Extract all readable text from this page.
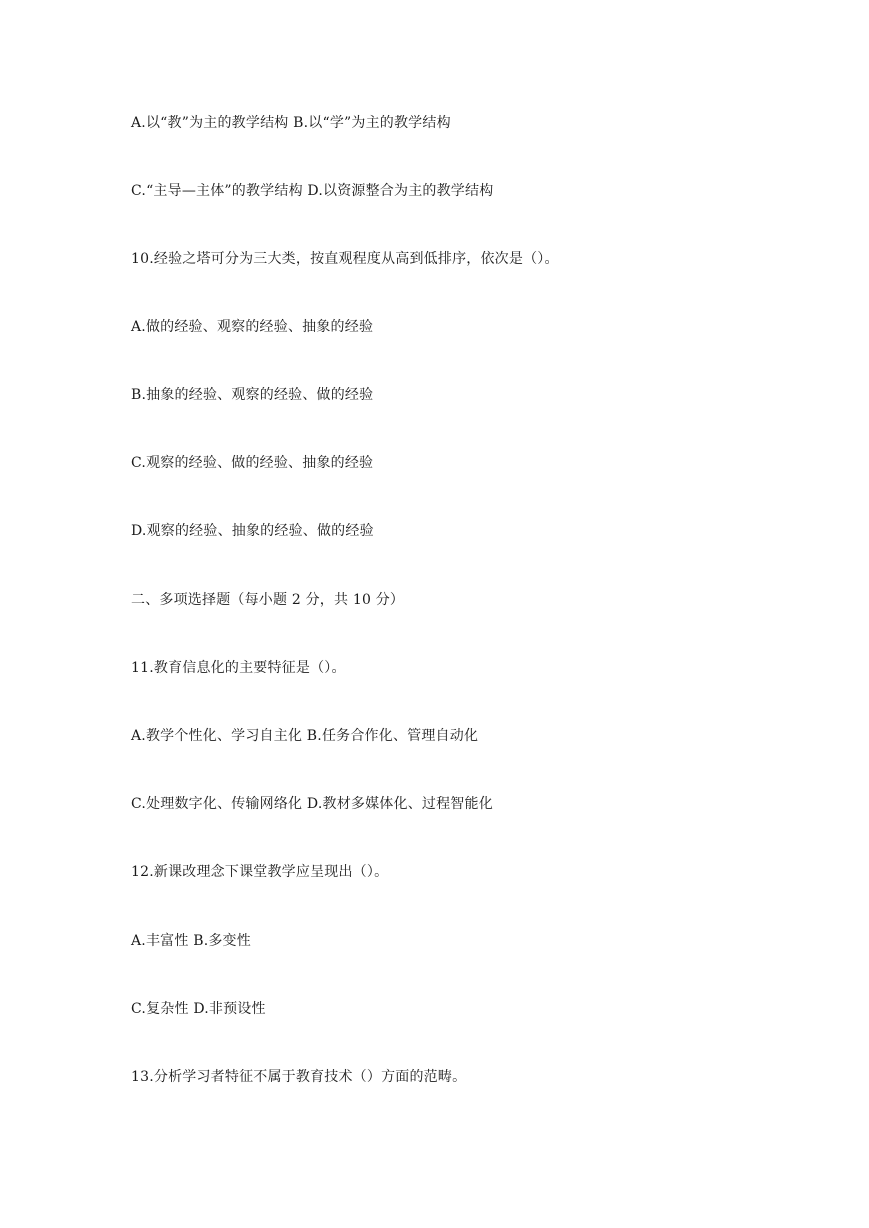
A.以“教”为主的教学结构 B.以“学”为主的教学结构

C.“主导—主体”的教学结构 D.以资源整合为主的教学结构

10.经验之塔可分为三大类，按直观程度从高到低排序，依次是（）。

A.做的经验、观察的经验、抽象的经验

B.抽象的经验、观察的经验、做的经验

C.观察的经验、做的经验、抽象的经验

D.观察的经验、抽象的经验、做的经验

二、多项选择题（每小题 2 分，共 10 分）

11.教育信息化的主要特征是（）。

A.教学个性化、学习自主化 B.任务合作化、管理自动化

C.处理数字化、传输网络化 D.教材多媒体化、过程智能化

12.新课改理念下课堂教学应呈现出（）。

A.丰富性 B.多变性

C.复杂性 D.非预设性

13.分析学习者特征不属于教育技术（）方面的范畴。
